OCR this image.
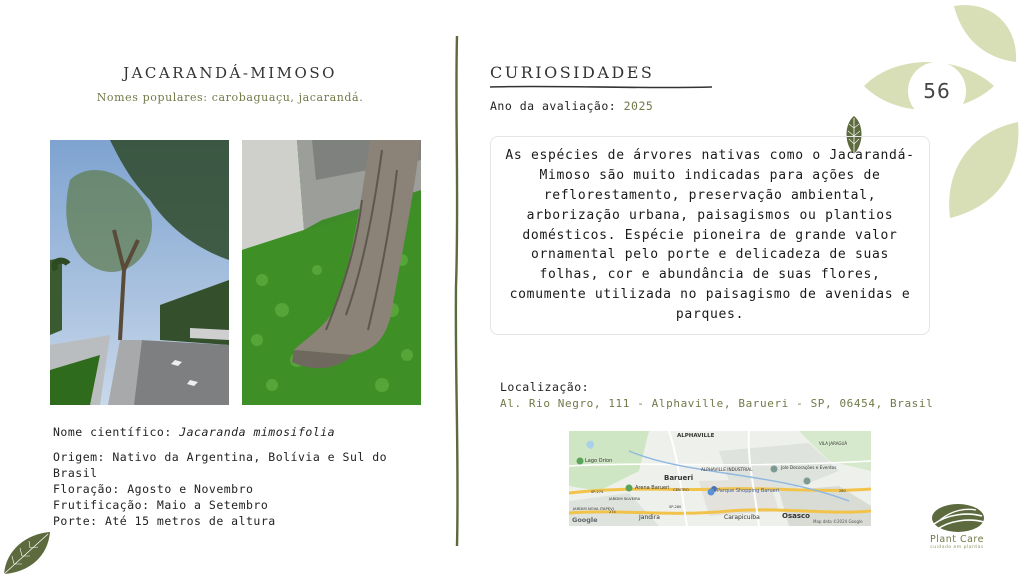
56
JACARANDÁ-MIMOSO
Nomes populares: carobaguaçu, jacarandá.
Nome científico: Jacaranda mimosifolia
Origem: Nativo da Argentina, Bolívia e Sul do Brasil
Floração: Agosto e Novembro
Frutificação: Maio a Setembro
Porte: Até 15 metros de altura
CURIOSIDADES
Ano da avaliação: 2025
As espécies de árvores nativas como o Jacarandá-Mimoso são muito indicadas para ações de reflorestamento, preservação ambiental, arborização urbana, paisagismos ou plantios domésticos. Espécie pioneira de grande valor ornamental pelo porte e delicadeza de suas folhas, cor e abundância de suas flores, comumente utilizada no paisagismo de avenidas e parques.
Localização:
Al. Rio Negro, 111 - Alphaville, Barueri - SP, 06454, Brasil
ALPHAVILLE
VILA JARAGUÁ
Lago Orion
Barueri
ALPHAVILLE INDUSTRIAL	Jole Decorações e Eventos
Arena Barueri	Parque Shopping Barueri
CENTRO
JARDIM SILVEIRA
JARDIM NOVA ITAPEVI
Jandira	Carapicuíba	Osasco
SP-274
SP-280
280
274
Google	Map data ©2024 Google
Plant Care
cuidado em plantas
